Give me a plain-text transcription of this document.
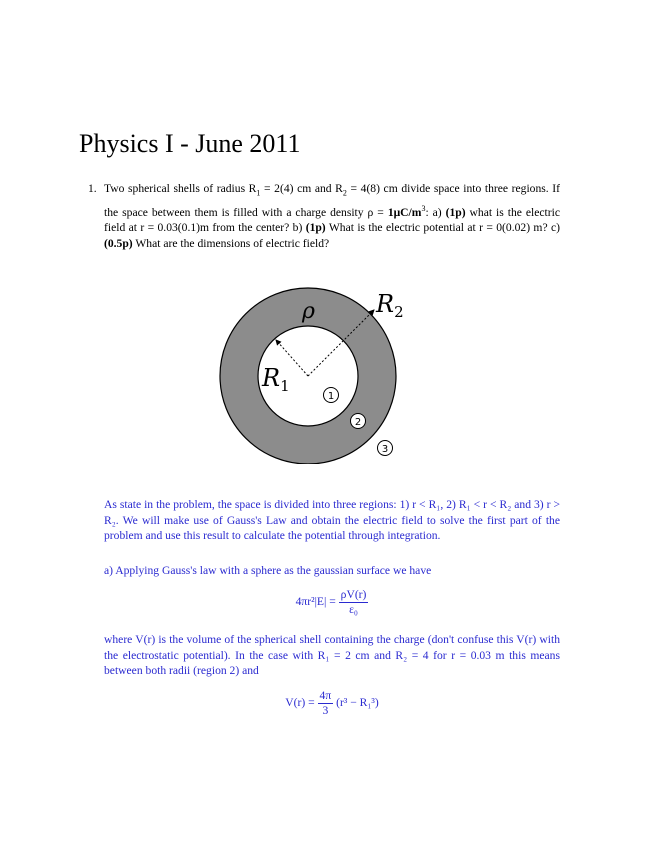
Physics I - June 2011
1. Two spherical shells of radius $R_1 = 2(4)$ cm and $R_2 = 4(8)$ cm divide space into three regions. If the space between them is filled with a charge density $\rho = 1\mu C/m^3$: a) (1p) what is the electric field at r = 0.03(0.1)m from the center? b) (1p) What is the electric potential at r = 0(0.02) m? c) (0.5p) What are the dimensions of electric field?
ρ
$R_1$
$R_2$
1
2
3
As state in the problem, the space is divided into three regions: 1) r < R₁, 2) R₁ < r < R₂ and 3) r > R₂. We will make use of Gauss's Law and obtain the electric field to solve the first part of the problem and use this result to calculate the potential through integration.
a) Applying Gauss's law with a sphere as the gaussian surface we have
$4\pi r^2|E| = \frac{\rho V(r)}{\text{ε₀}}$
where V(r) is the volume of the spherical shell containing the charge (don't confuse this V(r) with the electrostatic potential). In the case with R₁ = 2 cm and R₂ = 4 for r = 0.03 m this means between both radii (region 2) and
$V(r) = \frac{4\pi}{3} (r^3 - R_1^3)$
